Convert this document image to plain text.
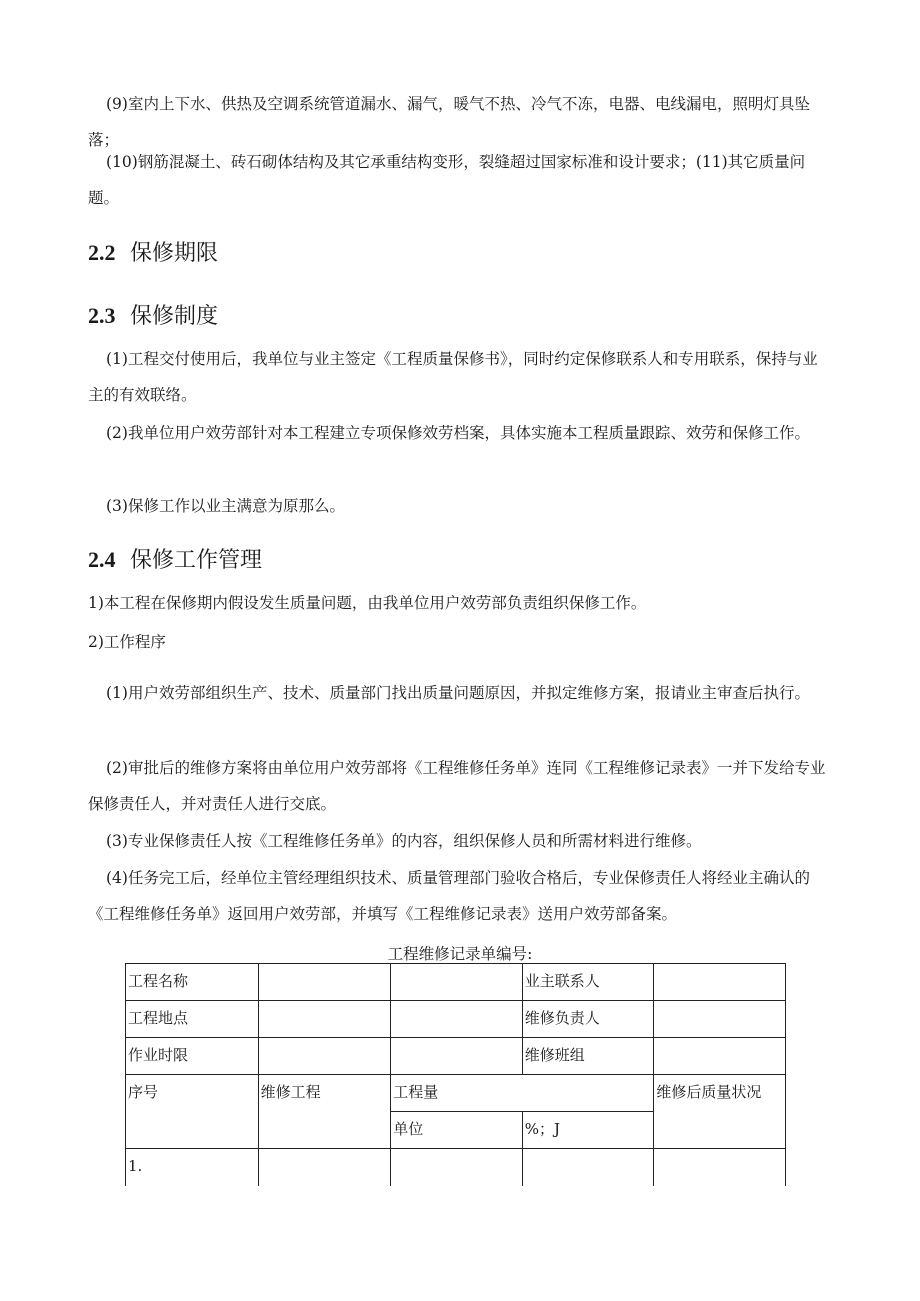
(9)室内上下水、供热及空调系统管道漏水、漏气，暖气不热、冷气不冻，电器、电线漏电，照明灯具坠落；

(10)钢筋混凝土、砖石砌体结构及其它承重结构变形，裂缝超过国家标准和设计要求；(11)其它质量问题。

2.2 保修期限
2.3 保修制度

(1)工程交付使用后，我单位与业主签定《工程质量保修书》，同时约定保修联系人和专用联系，保持与业主的有效联络。

(2)我单位用户效劳部针对本工程建立专项保修效劳档案，具体实施本工程质量跟踪、效劳和保修工作。

(3)保修工作以业主满意为原那么。

2.4 保修工作管理

1)本工程在保修期内假设发生质量问题，由我单位用户效劳部负责组织保修工作。

2)工作程序

(1)用户效劳部组织生产、技术、质量部门找出质量问题原因，并拟定维修方案，报请业主审查后执行。

(2)审批后的维修方案将由单位用户效劳部将《工程维修任务单》连同《工程维修记录表》一并下发给专业保修责任人，并对责任人进行交底。

(3)专业保修责任人按《工程维修任务单》的内容，组织保修人员和所需材料进行维修。

(4)任务完工后，经单位主管经理组织技术、质量管理部门验收合格后，专业保修责任人将经业主确认的《工程维修任务单》返回用户效劳部，并填写《工程维修记录表》送用户效劳部备案。

工程维修记录单编号:
工程名称			业主联系人	
工程地点			维修负责人	
作业时限			维修班组	
序号	维修工程	工程量		维修后质量状况
		单位	%；J	
1.				
